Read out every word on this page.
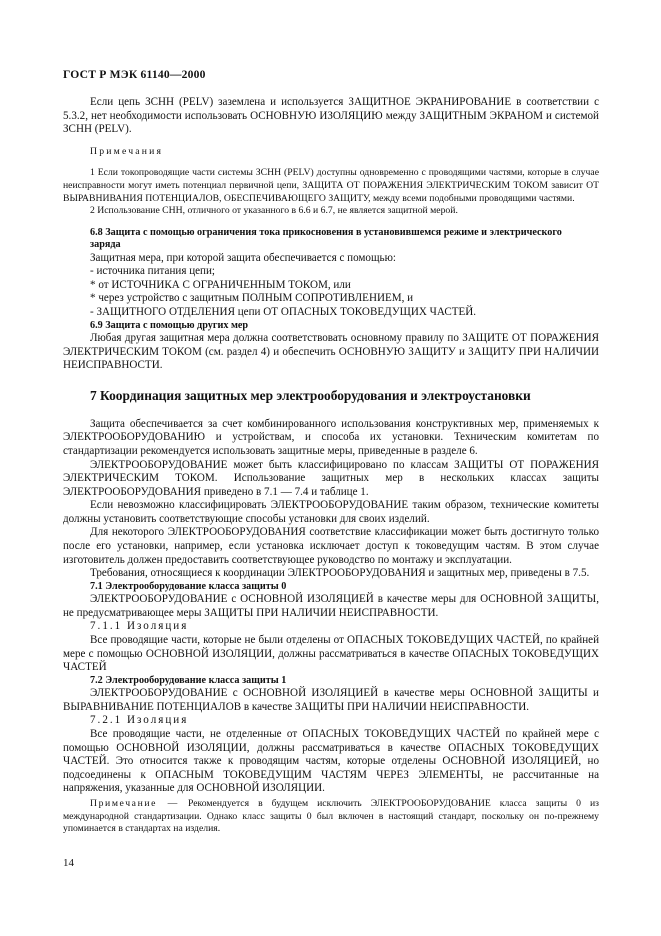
ГОСТ Р МЭК 61140—2000

Если цепь ЗСНН (PELV) заземлена и используется ЗАЩИТНОЕ ЭКРАНИРОВАНИЕ в соответствии с 5.3.2, нет необходимости использовать ОСНОВНУЮ ИЗОЛЯЦИЮ между ЗАЩИТНЫМ ЭКРАНОМ и системой ЗСНН (PELV).

Примечания

1 Если токопроводящие части системы ЗСНН (PELV) доступны одновременно с проводящими частями, которые в случае неисправности могут иметь потенциал первичной цепи, ЗАЩИТА ОТ ПОРАЖЕНИЯ ЭЛЕКТРИЧЕСКИМ ТОКОМ зависит ОТ ВЫРАВНИВАНИЯ ПОТЕНЦИАЛОВ, ОБЕСПЕЧИВАЮЩЕГО ЗАЩИТУ, между всеми подобными проводящими частями.

2 Использование СНН, отличного от указанного в 6.6 и 6.7, не является защитной мерой.

6.8 Защита с помощью ограничения тока прикосновения в установившемся режиме и электрического заряда

Защитная мера, при которой защита обеспечивается с помощью:

- источника питания цепи;

* от ИСТОЧНИКА С ОГРАНИЧЕННЫМ ТОКОМ, или

* через устройство с защитным ПОЛНЫМ СОПРОТИВЛЕНИЕМ, и

- ЗАЩИТНОГО ОТДЕЛЕНИЯ цепи ОТ ОПАСНЫХ ТОКОВЕДУЩИХ ЧАСТЕЙ.

6.9 Защита с помощью других мер

Любая другая защитная мера должна соответствовать основному правилу по ЗАЩИТЕ ОТ ПОРАЖЕНИЯ ЭЛЕКТРИЧЕСКИМ ТОКОМ (см. раздел 4) и обеспечить ОСНОВНУЮ ЗАЩИТУ и ЗАЩИТУ ПРИ НАЛИЧИИ НЕИСПРАВНОСТИ.

7 Координация защитных мер электрооборудования и электроустановки

Защита обеспечивается за счет комбинированного использования конструктивных мер, применяемых к ЭЛЕКТРООБОРУДОВАНИЮ и устройствам, и способа их установки. Техническим комитетам по стандартизации рекомендуется использовать защитные меры, приведенные в разделе 6.

ЭЛЕКТРООБОРУДОВАНИЕ может быть классифицировано по классам ЗАЩИТЫ ОТ ПОРАЖЕНИЯ ЭЛЕКТРИЧЕСКИМ ТОКОМ. Использование защитных мер в нескольких классах защиты ЭЛЕКТРООБОРУДОВАНИЯ приведено в 7.1 — 7.4 и таблице 1.

Если невозможно классифицировать ЭЛЕКТРООБОРУДОВАНИЕ таким образом, технические комитеты должны установить соответствующие способы установки для своих изделий.

Для некоторого ЭЛЕКТРООБОРУДОВАНИЯ соответствие классификации может быть достигнуто только после его установки, например, если установка исключает доступ к токоведущим частям. В этом случае изготовитель должен предоставить соответствующее руководство по монтажу и эксплуатации.

Требования, относящиеся к координации ЭЛЕКТРООБОРУДОВАНИЯ и защитных мер, приведены в 7.5.

7.1 Электрооборудование класса защиты 0

ЭЛЕКТРООБОРУДОВАНИЕ с ОСНОВНОЙ ИЗОЛЯЦИЕЙ в качестве меры для ОСНОВНОЙ ЗАЩИТЫ, не предусматривающее меры ЗАЩИТЫ ПРИ НАЛИЧИИ НЕИСПРАВНОСТИ.

7.1.1 Изоляция

Все проводящие части, которые не были отделены от ОПАСНЫХ ТОКОВЕДУЩИХ ЧАСТЕЙ, по крайней мере с помощью ОСНОВНОЙ ИЗОЛЯЦИИ, должны рассматриваться в качестве ОПАСНЫХ ТОКОВЕДУЩИХ ЧАСТЕЙ

7.2 Электрооборудование класса защиты 1

ЭЛЕКТРООБОРУДОВАНИЕ с ОСНОВНОЙ ИЗОЛЯЦИЕЙ в качестве меры ОСНОВНОЙ ЗАЩИТЫ и ВЫРАВНИВАНИЕ ПОТЕНЦИАЛОВ в качестве ЗАЩИТЫ ПРИ НАЛИЧИИ НЕИСПРАВНОСТИ.

7.2.1 Изоляция

Все проводящие части, не отделенные от ОПАСНЫХ ТОКОВЕДУЩИХ ЧАСТЕЙ по крайней мере с помощью ОСНОВНОЙ ИЗОЛЯЦИИ, должны рассматриваться в качестве ОПАСНЫХ ТОКОВЕДУЩИХ ЧАСТЕЙ. Это относится также к проводящим частям, которые отделены ОСНОВНОЙ ИЗОЛЯЦИЕЙ, но подсоединены к ОПАСНЫМ ТОКОВЕДУЩИМ ЧАСТЯМ ЧЕРЕЗ ЭЛЕМЕНТЫ, не рассчитанные на напряжения, указанные для ОСНОВНОЙ ИЗОЛЯЦИИ.

Примечание — Рекомендуется в будущем исключить ЭЛЕКТРООБОРУДОВАНИЕ класса защиты 0 из международной стандартизации. Однако класс защиты 0 был включен в настоящий стандарт, поскольку он по-прежнему упоминается в стандартах на изделия.

14
